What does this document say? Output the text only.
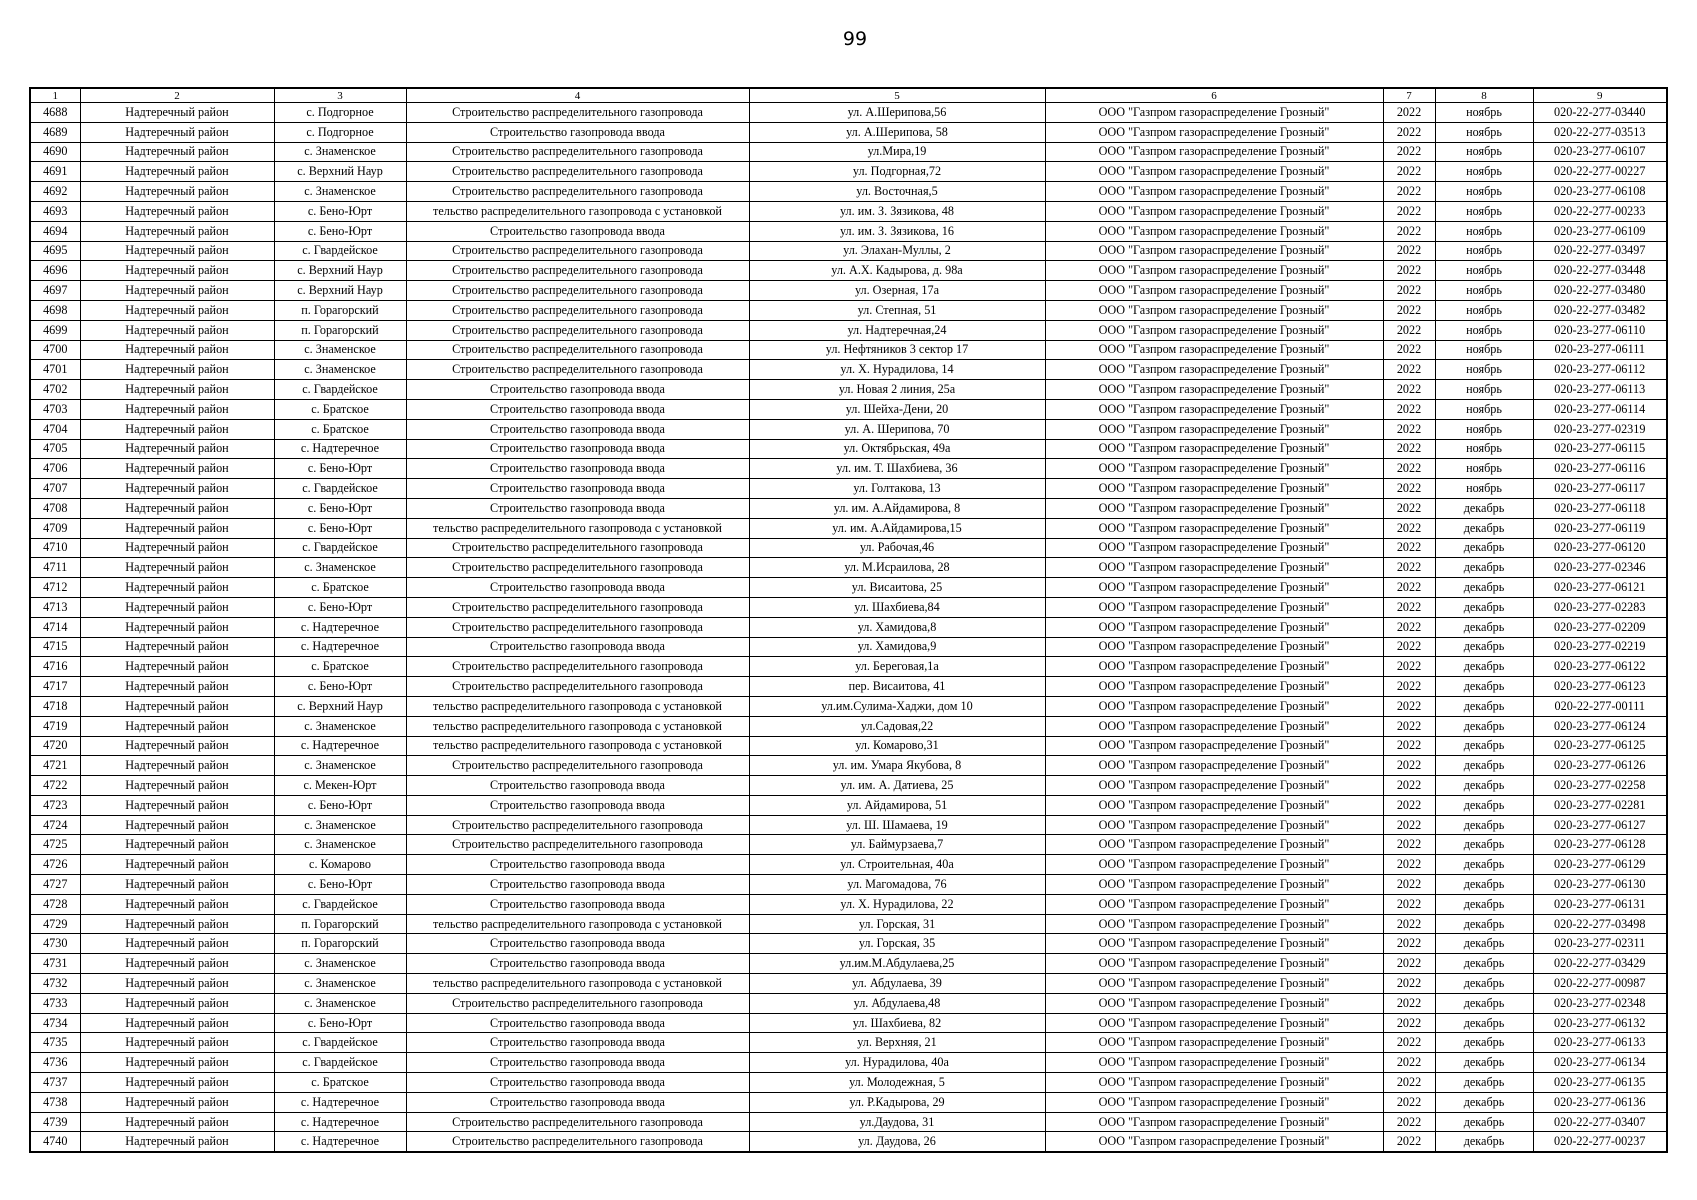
99
1	2	3	4	5	6	7	8	9
4688	Надтеречный район	с. Подгорное	Строительство распределительного газопровода	ул. А.Шерипова,56	ООО "Газпром газораспределение Грозный"	2022	ноябрь	020-22-277-03440
4689	Надтеречный район	с. Подгорное	Строительство газопровода ввода	ул. А.Шерипова, 58	ООО "Газпром газораспределение Грозный"	2022	ноябрь	020-22-277-03513
4690	Надтеречный район	с. Знаменское	Строительство распределительного газопровода	ул.Мира,19	ООО "Газпром газораспределение Грозный"	2022	ноябрь	020-23-277-06107
4691	Надтеречный район	с. Верхний Наур	Строительство распределительного газопровода	ул. Подгорная,72	ООО "Газпром газораспределение Грозный"	2022	ноябрь	020-22-277-00227
4692	Надтеречный район	с. Знаменское	Строительство распределительного газопровода	ул. Восточная,5	ООО "Газпром газораспределение Грозный"	2022	ноябрь	020-23-277-06108
4693	Надтеречный район	с. Бено-Юрт	тельство распределительного газопровода с установкой	ул. им. З. Зязикова, 48	ООО "Газпром газораспределение Грозный"	2022	ноябрь	020-22-277-00233
4694	Надтеречный район	с. Бено-Юрт	Строительство газопровода ввода	ул. им. З. Зязикова, 16	ООО "Газпром газораспределение Грозный"	2022	ноябрь	020-23-277-06109
4695	Надтеречный район	с. Гвардейское	Строительство распределительного газопровода	ул. Элахан-Муллы, 2	ООО "Газпром газораспределение Грозный"	2022	ноябрь	020-22-277-03497
4696	Надтеречный район	с. Верхний Наур	Строительство распределительного газопровода	ул. А.Х. Кадырова, д. 98а	ООО "Газпром газораспределение Грозный"	2022	ноябрь	020-22-277-03448
4697	Надтеречный район	с. Верхний Наур	Строительство распределительного газопровода	ул. Озерная, 17а	ООО "Газпром газораспределение Грозный"	2022	ноябрь	020-22-277-03480
4698	Надтеречный район	п. Горагорский	Строительство распределительного газопровода	ул. Степная, 51	ООО "Газпром газораспределение Грозный"	2022	ноябрь	020-22-277-03482
4699	Надтеречный район	п. Горагорский	Строительство распределительного газопровода	ул. Надтеречная,24	ООО "Газпром газораспределение Грозный"	2022	ноябрь	020-23-277-06110
4700	Надтеречный район	с. Знаменское	Строительство распределительного газопровода	ул. Нефтяников 3 сектор 17	ООО "Газпром газораспределение Грозный"	2022	ноябрь	020-23-277-06111
4701	Надтеречный район	с. Знаменское	Строительство распределительного газопровода	ул. Х. Нурадилова, 14	ООО "Газпром газораспределение Грозный"	2022	ноябрь	020-23-277-06112
4702	Надтеречный район	с. Гвардейское	Строительство газопровода ввода	ул. Новая 2 линия, 25а	ООО "Газпром газораспределение Грозный"	2022	ноябрь	020-23-277-06113
4703	Надтеречный район	с. Братское	Строительство газопровода ввода	ул. Шейха-Дени, 20	ООО "Газпром газораспределение Грозный"	2022	ноябрь	020-23-277-06114
4704	Надтеречный район	с. Братское	Строительство газопровода ввода	ул. А. Шерипова, 70	ООО "Газпром газораспределение Грозный"	2022	ноябрь	020-23-277-02319
4705	Надтеречный район	с. Надтеречное	Строительство газопровода ввода	ул. Октябрьская, 49а	ООО "Газпром газораспределение Грозный"	2022	ноябрь	020-23-277-06115
4706	Надтеречный район	с. Бено-Юрт	Строительство газопровода ввода	ул. им. Т. Шахбиева, 36	ООО "Газпром газораспределение Грозный"	2022	ноябрь	020-23-277-06116
4707	Надтеречный район	с. Гвардейское	Строительство газопровода ввода	ул. Голтакова, 13	ООО "Газпром газораспределение Грозный"	2022	ноябрь	020-23-277-06117
4708	Надтеречный район	с. Бено-Юрт	Строительство газопровода ввода	ул. им. А.Айдамирова, 8	ООО "Газпром газораспределение Грозный"	2022	декабрь	020-23-277-06118
4709	Надтеречный район	с. Бено-Юрт	тельство распределительного газопровода с установкой	ул. им. А.Айдамирова,15	ООО "Газпром газораспределение Грозный"	2022	декабрь	020-23-277-06119
4710	Надтеречный район	с. Гвардейское	Строительство распределительного газопровода	ул. Рабочая,46	ООО "Газпром газораспределение Грозный"	2022	декабрь	020-23-277-06120
4711	Надтеречный район	с. Знаменское	Строительство распределительного газопровода	ул. М.Исраилова, 28	ООО "Газпром газораспределение Грозный"	2022	декабрь	020-23-277-02346
4712	Надтеречный район	с. Братское	Строительство газопровода ввода	ул. Висаитова, 25	ООО "Газпром газораспределение Грозный"	2022	декабрь	020-23-277-06121
4713	Надтеречный район	с. Бено-Юрт	Строительство распределительного газопровода	ул. Шахбиева,84	ООО "Газпром газораспределение Грозный"	2022	декабрь	020-23-277-02283
4714	Надтеречный район	с. Надтеречное	Строительство распределительного газопровода	ул. Хамидова,8	ООО "Газпром газораспределение Грозный"	2022	декабрь	020-23-277-02209
4715	Надтеречный район	с. Надтеречное	Строительство газопровода ввода	ул. Хамидова,9	ООО "Газпром газораспределение Грозный"	2022	декабрь	020-23-277-02219
4716	Надтеречный район	с. Братское	Строительство распределительного газопровода	ул. Береговая,1а	ООО "Газпром газораспределение Грозный"	2022	декабрь	020-23-277-06122
4717	Надтеречный район	с. Бено-Юрт	Строительство распределительного газопровода	пер. Висаитова, 41	ООО "Газпром газораспределение Грозный"	2022	декабрь	020-23-277-06123
4718	Надтеречный район	с. Верхний Наур	тельство распределительного газопровода с установкой	ул.им.Сулима-Хаджи, дом 10	ООО "Газпром газораспределение Грозный"	2022	декабрь	020-22-277-00111
4719	Надтеречный район	с. Знаменское	тельство распределительного газопровода с установкой	ул.Садовая,22	ООО "Газпром газораспределение Грозный"	2022	декабрь	020-23-277-06124
4720	Надтеречный район	с. Надтеречное	тельство распределительного газопровода с установкой	ул. Комарово,31	ООО "Газпром газораспределение Грозный"	2022	декабрь	020-23-277-06125
4721	Надтеречный район	с. Знаменское	Строительство распределительного газопровода	ул. им. Умара Якубова, 8	ООО "Газпром газораспределение Грозный"	2022	декабрь	020-23-277-06126
4722	Надтеречный район	с. Мекен-Юрт	Строительство газопровода ввода	ул. им. А. Датиева, 25	ООО "Газпром газораспределение Грозный"	2022	декабрь	020-23-277-02258
4723	Надтеречный район	с. Бено-Юрт	Строительство газопровода ввода	ул. Айдамирова, 51	ООО "Газпром газораспределение Грозный"	2022	декабрь	020-23-277-02281
4724	Надтеречный район	с. Знаменское	Строительство распределительного газопровода	ул. Ш. Шамаева, 19	ООО "Газпром газораспределение Грозный"	2022	декабрь	020-23-277-06127
4725	Надтеречный район	с. Знаменское	Строительство распределительного газопровода	ул. Баймурзаева,7	ООО "Газпром газораспределение Грозный"	2022	декабрь	020-23-277-06128
4726	Надтеречный район	с. Комарово	Строительство газопровода ввода	ул. Строительная, 40а	ООО "Газпром газораспределение Грозный"	2022	декабрь	020-23-277-06129
4727	Надтеречный район	с. Бено-Юрт	Строительство газопровода ввода	ул. Магомадова, 76	ООО "Газпром газораспределение Грозный"	2022	декабрь	020-23-277-06130
4728	Надтеречный район	с. Гвардейское	Строительство газопровода ввода	ул. Х. Нурадилова, 22	ООО "Газпром газораспределение Грозный"	2022	декабрь	020-23-277-06131
4729	Надтеречный район	п. Горагорский	тельство распределительного газопровода с установкой	ул. Горская, 31	ООО "Газпром газораспределение Грозный"	2022	декабрь	020-22-277-03498
4730	Надтеречный район	п. Горагорский	Строительство газопровода ввода	ул. Горская, 35	ООО "Газпром газораспределение Грозный"	2022	декабрь	020-23-277-02311
4731	Надтеречный район	с. Знаменское	Строительство газопровода ввода	ул.им.М.Абдулаева,25	ООО "Газпром газораспределение Грозный"	2022	декабрь	020-22-277-03429
4732	Надтеречный район	с. Знаменское	тельство распределительного газопровода с установкой	ул. Абдулаева, 39	ООО "Газпром газораспределение Грозный"	2022	декабрь	020-22-277-00987
4733	Надтеречный район	с. Знаменское	Строительство распределительного газопровода	ул. Абдулаева,48	ООО "Газпром газораспределение Грозный"	2022	декабрь	020-23-277-02348
4734	Надтеречный район	с. Бено-Юрт	Строительство газопровода ввода	ул. Шахбиева, 82	ООО "Газпром газораспределение Грозный"	2022	декабрь	020-23-277-06132
4735	Надтеречный район	с. Гвардейское	Строительство газопровода ввода	ул. Верхняя, 21	ООО "Газпром газораспределение Грозный"	2022	декабрь	020-23-277-06133
4736	Надтеречный район	с. Гвардейское	Строительство газопровода ввода	ул. Нурадилова, 40а	ООО "Газпром газораспределение Грозный"	2022	декабрь	020-23-277-06134
4737	Надтеречный район	с. Братское	Строительство газопровода ввода	ул. Молодежная, 5	ООО "Газпром газораспределение Грозный"	2022	декабрь	020-23-277-06135
4738	Надтеречный район	с. Надтеречное	Строительство газопровода ввода	ул. Р.Кадырова, 29	ООО "Газпром газораспределение Грозный"	2022	декабрь	020-23-277-06136
4739	Надтеречный район	с. Надтеречное	Строительство распределительного газопровода	ул.Даудова, 31	ООО "Газпром газораспределение Грозный"	2022	декабрь	020-22-277-03407
4740	Надтеречный район	с. Надтеречное	Строительство распределительного газопровода	ул. Даудова, 26	ООО "Газпром газораспределение Грозный"	2022	декабрь	020-22-277-00237
